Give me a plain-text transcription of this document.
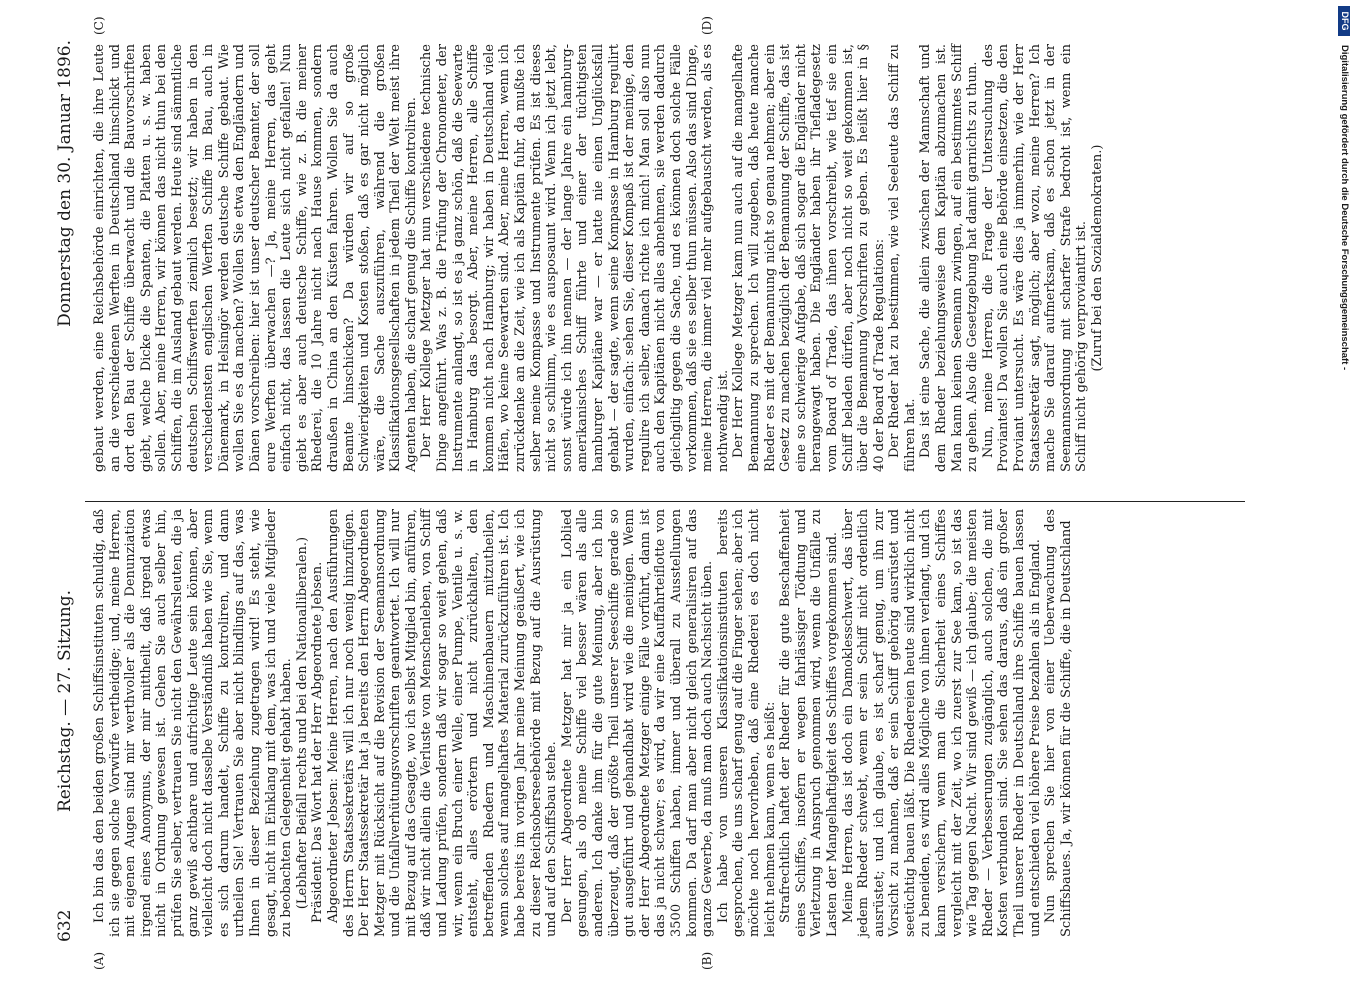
632
Reichstag. — 27. Sitzung.
Donnerstag den 30. Januar 1896.
(A)	(B)
(C)	(D)

Ich bin das den beiden großen Schiffsinstituten schuldig, daß ich sie gegen solche Vorwürfe vertheidige; und, meine Herren, mit eigenen Augen sind mir werthvoller als die Denunziation irgend eines Anonymus, der mir mittheilt, daß irgend etwas nicht in Ordnung gewesen ist. Gehen Sie auch selber hin, prüfen Sie selber, vertrauen Sie nicht den Gewährsleuten, die ja ganz gewiß achtbare und aufrichtige Leute sein können, aber vielleicht doch nicht dasselbe Verständniß haben wie Sie, wenn es sich darum handelt, Schiffe zu kontroliren, und dann urtheilen Sie! Vertrauen Sie aber nicht blindlings auf das, was Ihnen in dieser Beziehung zugetragen wird! Es steht, wie gesagt, nicht im Einklang mit dem, was ich und viele Mitglieder zu beobachten Gelegenheit gehabt haben. (Lebhafter Beifall rechts und bei den Nationalliberalen.) Präsident: Das Wort hat der Herr Abgeordnete Jebsen. Abgeordneter Jebsen: Meine Herren, nach den Ausführungen des Herrn Staatssekretärs will ich nur noch wenig hinzufügen. Der Herr Staatssekretär hat ja bereits den Herrn Abgeordneten Metzger mit Rücksicht auf die Revision der Seemannsordnung und die Unfallverhütungsvorschriften geantwortet. Ich will nur mit Bezug auf das Gesagte, wo ich selbst Mitglied bin, anführen, daß wir nicht allein die Verluste von Menschenleben, von Schiff und Ladung prüfen, sondern daß wir sogar so weit gehen, daß wir, wenn ein Bruch einer Welle, einer Pumpe, Ventile u. s. w. entsteht, alles erörtern und nicht zurückhalten, den betreffenden Rhedern und Maschinenbauern mitzutheilen, wenn solches auf mangelhaftes Material zurückzuführen ist. Ich habe bereits im vorigen Jahr meine Meinung geäußert, wie ich zu dieser Reichsoberseebehörde mit Bezug auf die Ausrüstung und auf den Schiffsbau stehe. Der Herr Abgeordnete Metzger hat mir ja ein Loblied gesungen, als ob meine Schiffe viel besser wären als alle anderen. Ich danke ihm für die gute Meinung, aber ich bin überzeugt, daß der größte Theil unserer Seeschiffe gerade so gut ausgeführt und gehandhabt wird wie die meinigen. Wenn der Herr Abgeordnete Metzger einige Fälle vorführt, dann ist das ja nicht schwer; es wird, da wir eine Kauffahrteiflotte von 3500 Schiffen haben, immer und überall zu Ausstellungen kommen. Da darf man aber nicht gleich generalisiren auf das ganze Gewerbe, da muß man doch auch Nachsicht üben. Ich habe von unseren Klassifikationsinstituten bereits gesprochen, die uns scharf genug auf die Finger sehen; aber ich möchte noch hervorheben, daß eine Rhederei es doch nicht leicht nehmen kann, wenn es heißt: Strafrechtlich haftet der Rheder für die gute Beschaffenheit eines Schiffes, insofern er wegen fahrlässiger Tödtung und Verletzung in Anspruch genommen wird, wenn die Unfälle zu Lasten der Mangelhaftigkeit des Schiffes vorgekommen sind. Meine Herren, das ist doch ein Damoklesschwert, das über jedem Rheder schwebt, wenn er sein Schiff nicht ordentlich ausrüstet; und ich glaube, es ist scharf genug, um ihn zur Vorsicht zu mahnen, daß er sein Schiff gehörig ausrüstet und seetüchtig bauen läßt. Die Rhedereien heute sind wirklich nicht zu beneiden, es wird alles Mögliche von ihnen verlangt, und ich kann versichern, wenn man die Sicherheit eines Schiffes vergleicht mit der Zeit, wo ich zuerst zur See kam, so ist das wie Tag gegen Nacht. Wir sind gewiß — ich glaube; die meisten Rheder — Verbesserungen zugänglich, auch solchen, die mit Kosten verbunden sind. Sie sehen das daraus, daß ein großer Theil unserer Rheder in Deutschland ihre Schiffe bauen lassen und entschieden viel höhere Preise bezahlen als in England. Nun sprechen Sie hier von einer Ueberwachung des Schiffsbaues. Ja, wir können für die Schiffe, die in Deutschland

gebaut werden, eine Reichsbehörde einrichten, die ihre Leute an die verschiedenen Werften in Deutschland hinschickt und dort den Bau der Schiffe überwacht und die Bauvorschriften giebt, welche Dicke die Spanten, die Platten u. s. w. haben sollen. Aber, meine Herren, wir können das nicht thun bei den Schiffen, die im Ausland gebaut werden. Heute sind sämmtliche deutschen Schiffswerften ziemlich besetzt; wir haben in den verschiedensten englischen Werften Schiffe im Bau, auch in Dänemark, in Helsingör werden deutsche Schiffe gebaut. Wie wollen Sie es da machen? Wollen Sie etwa den Engländern und Dänen vorschreiben: hier ist unser deutscher Beamter, der soll eure Werften überwachen —? Ja, meine Herren, das geht einfach nicht, das lassen die Leute sich nicht gefallen! Nun giebt es aber auch deutsche Schiffe, wie z. B. die meiner Rhederei, die 10 Jahre nicht nach Hause kommen, sondern draußen in China an den Küsten fahren. Wollen Sie da auch Beamte hinschicken? Da würden wir auf so große Schwierigkeiten und Kosten stoßen, daß es gar nicht möglich wäre, die Sache auszuführen, während die großen Klassifikationsgesellschaften in jedem Theil der Welt meist ihre Agenten haben, die scharf genug die Schiffe kontroliren. Der Herr Kollege Metzger hat nun verschiedene technische Dinge angeführt. Was z. B. die Prüfung der Chronometer, der Instrumente anlangt, so ist es ja ganz schön, daß die Seewarte in Hamburg das besorgt. Aber, meine Herren, alle Schiffe kommen nicht nach Hamburg; wir haben in Deutschland viele Häfen, wo keine Seewarten sind. Aber, meine Herren, wenn ich zurückdenke an die Zeit, wie ich als Kapitän fuhr, da mußte ich selber meine Kompasse und Instrumente prüfen. Es ist dieses nicht so schlimm, wie es ausposaunt wird. Wenn ich jetzt lebt, sonst würde ich ihn nennen — der lange Jahre ein hamburg-amerikanisches Schiff führte und einer der tüchtigsten hamburger Kapitäne war — er hatte nie einen Unglücksfall gehabt — der sagte, wenn seine Kompasse in Hamburg regulirt wurden, einfach: sehen Sie, dieser Kompaß ist der meinige, den regulire ich selber, danach richte ich mich! Man soll also nun auch den Kapitänen nicht alles abnehmen, sie werden dadurch gleichgiltig gegen die Sache, und es können doch solche Fälle vorkommen, daß sie es selber thun müssen. Also das sind Dinge, meine Herren, die immer viel mehr aufgebauscht werden, als es nothwendig ist. Der Herr Kollege Metzger kam nun auch auf die mangelhafte Bemannung zu sprechen. Ich will zugeben, daß heute manche Rheder es mit der Bemannung nicht so genau nehmen; aber ein Gesetz zu machen bezüglich der Bemannung der Schiffe, das ist eine so schwierige Aufgabe, daß sich sogar die Engländer nicht herangewagt haben. Die Engländer haben ihr Tiefladegesetz vom Board of Trade, das ihnen vorschreibt, wie tief sie ein Schiff beladen dürfen, aber noch nicht so weit gekommen ist, über die Bemannung Vorschriften zu geben. Es heißt hier in § 40 der Board of Trade Regulations: Der Rheder hat zu bestimmen, wie viel Seeleute das Schiff zu führen hat. Das ist eine Sache, die allein zwischen der Mannschaft und dem Rheder beziehungsweise dem Kapitän abzumachen ist. Man kann keinen Seemann zwingen, auf ein bestimmtes Schiff zu gehen. Also die Gesetzgebung hat damit garnichts zu thun. Nun, meine Herren, die Frage der Untersuchung des Proviantes! Da wollen Sie auch eine Behörde einsetzen, die den Proviant untersucht. Es wäre dies ja immerhin, wie der Herr Staatssekretär sagt, möglich; aber wozu, meine Herren? Ich mache Sie darauf aufmerksam, daß es schon jetzt in der Seemannsordnung mit scharfer Strafe bedroht ist, wenn ein Schiff nicht gehörig verproviantirt ist. (Zuruf bei den Sozialdemokraten.)

DFG
Digitalisierung gefördert durch die Deutsche Forschungsgemeinschaft -
